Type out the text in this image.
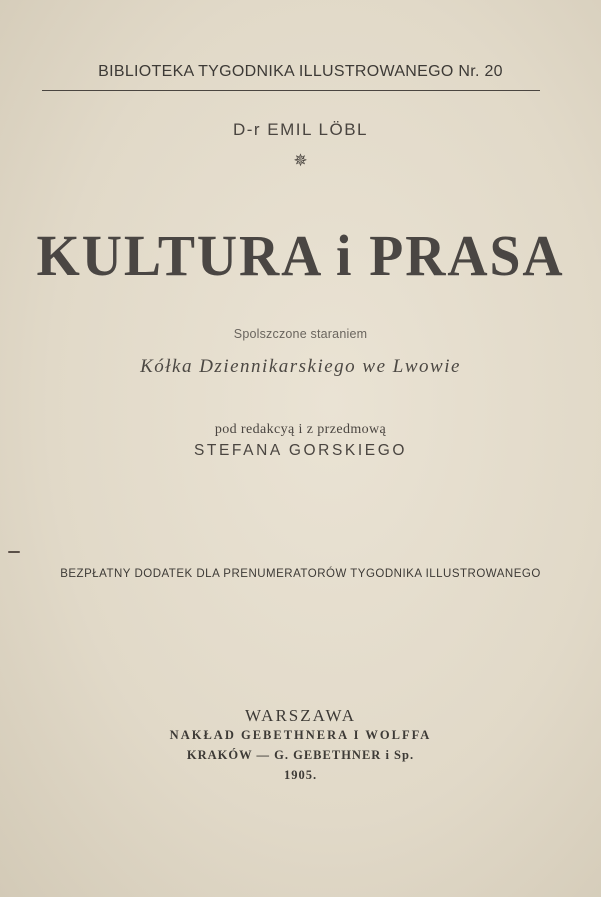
BIBLIOTEKA TYGODNIKA ILLUSTROWANEGO Nr. 20
D-r EMIL LÖBL
✵
KULTURA i PRASA
Spolszczone staraniem
Kółka Dziennikarskiego we Lwowie
pod redakcyą i z przedmową
STEFANA GORSKIEGO
BEZPŁATNY DODATEK DLA PRENUMERATORÓW TYGODNIKA ILLUSTROWANEGO
WARSZAWA
NAKŁAD GEBETHNERA I WOLFFA
KRAKÓW — G. GEBETHNER i Sp.
1905.
